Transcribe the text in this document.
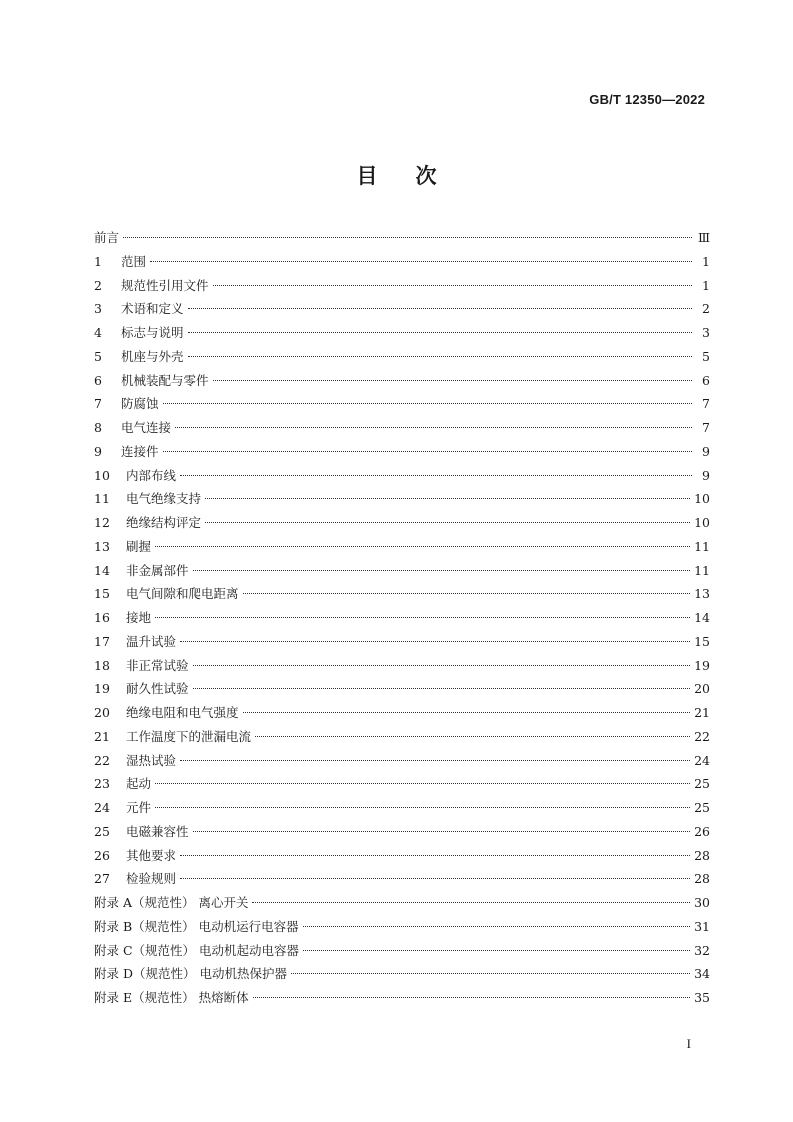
GB/T 12350—2022
目次
前言	Ⅲ
1	范围	1
2	规范性引用文件	1
3	术语和定义	2
4	标志与说明	3
5	机座与外壳	5
6	机械装配与零件	6
7	防腐蚀	7
8	电气连接	7
9	连接件	9
10	内部布线	9
11	电气绝缘支持	10
12	绝缘结构评定	10
13	刷握	11
14	非金属部件	11
15	电气间隙和爬电距离	13
16	接地	14
17	温升试验	15
18	非正常试验	19
19	耐久性试验	20
20	绝缘电阻和电气强度	21
21	工作温度下的泄漏电流	22
22	湿热试验	24
23	起动	25
24	元件	25
25	电磁兼容性	26
26	其他要求	28
27	检验规则	28
附录 A（规范性） 离心开关	30
附录 B（规范性） 电动机运行电容器	31
附录 C（规范性） 电动机起动电容器	32
附录 D（规范性） 电动机热保护器	34
附录 E（规范性） 热熔断体	35
I
